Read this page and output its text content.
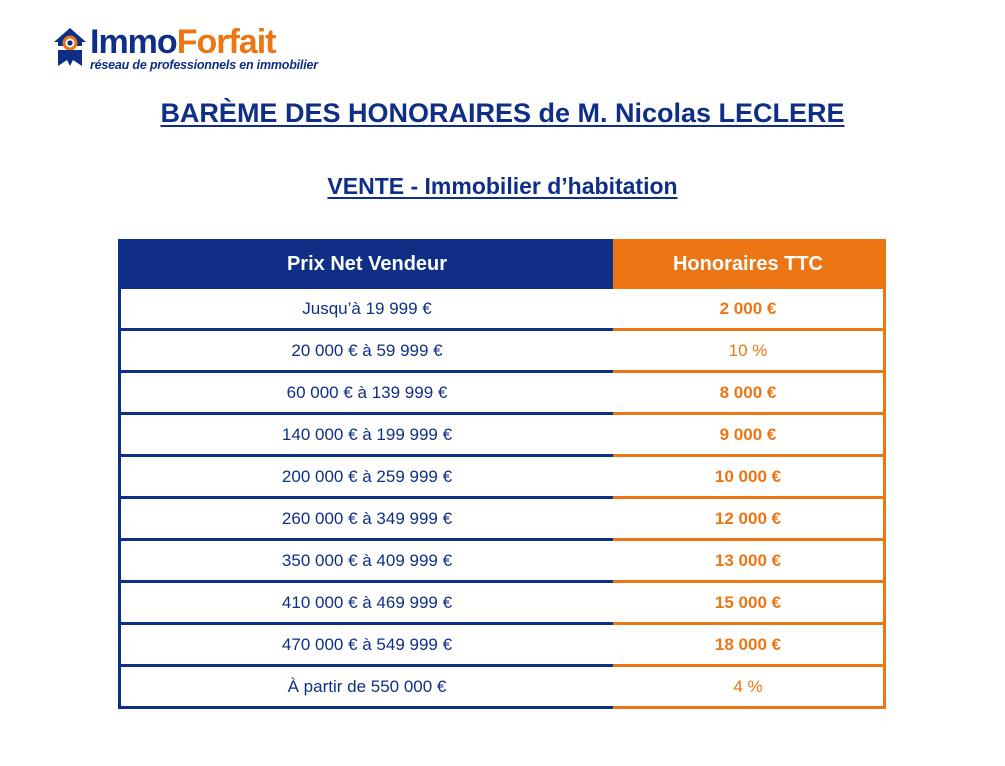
ImmoForfait
réseau de professionnels en immobilier
BARÈME DES HONORAIRES de M. Nicolas LECLERE
VENTE - Immobilier d’habitation
Prix Net Vendeur	Honoraires TTC
Jusqu’à 19 999 €	2 000 €
20 000 € à 59 999 €	10 %
60 000 € à 139 999 €	8 000 €
140 000 € à 199 999 €	9 000 €
200 000 € à 259 999 €	10 000 €
260 000 € à 349 999 €	12 000 €
350 000 € à 409 999 €	13 000 €
410 000 € à 469 999 €	15 000 €
470 000 € à 549 999 €	18 000 €
À partir de 550 000 €	4 %
